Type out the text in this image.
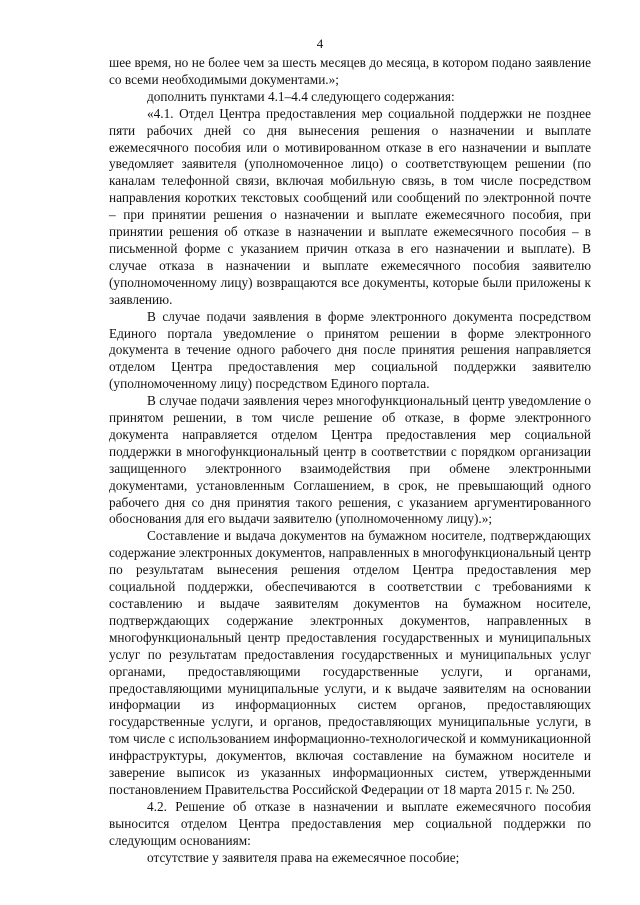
4

шее время, но не более чем за шесть месяцев до месяца, в котором подано заявление со всеми необходимыми документами.»;

дополнить пунктами 4.1–4.4 следующего содержания:

«4.1. Отдел Центра предоставления мер социальной поддержки не позднее пяти рабочих дней со дня вынесения решения о назначении и выплате ежемесячного пособия или о мотивированном отказе в его назначении и выплате уведомляет заявителя (уполномоченное лицо) о соответствующем решении (по каналам телефонной связи, включая мобильную связь, в том числе посредством направления коротких текстовых сообщений или сообщений по электронной почте – при принятии решения о назначении и выплате ежемесячного пособия, при принятии решения об отказе в назначении и выплате ежемесячного пособия – в письменной форме с указанием причин отказа в его назначении и выплате). В случае отказа в назначении и выплате ежемесячного пособия заявителю (уполномоченному лицу) возвращаются все документы, которые были приложены к заявлению.

В случае подачи заявления в форме электронного документа посредством Единого портала уведомление о принятом решении в форме электронного документа в течение одного рабочего дня после принятия решения направляется отделом Центра предоставления мер социальной поддержки заявителю (уполномоченному лицу) посредством Единого портала.

В случае подачи заявления через многофункциональный центр уведомление о принятом решении, в том числе решение об отказе, в форме электронного документа направляется отделом Центра предоставления мер социальной поддержки в многофункциональный центр в соответствии с порядком организации защищенного электронного взаимодействия при обмене электронными документами, установленным Соглашением, в срок, не превышающий одного рабочего дня со дня принятия такого решения, с указанием аргументированного обоснования для его выдачи заявителю (уполномоченному лицу).»;

Составление и выдача документов на бумажном носителе, подтверждающих содержание электронных документов, направленных в многофункциональный центр по результатам вынесения решения отделом Центра предоставления мер социальной поддержки, обеспечиваются в соответствии с требованиями к составлению и выдаче заявителям документов на бумажном носителе, подтверждающих содержание электронных документов, направленных в многофункциональный центр предоставления государственных и муниципальных услуг по результатам предоставления государственных и муниципальных услуг органами, предоставляющими государственные услуги, и органами, предоставляющими муниципальные услуги, и к выдаче заявителям на основании информации из информационных систем органов, предоставляющих государственные услуги, и органов, предоставляющих муниципальные услуги, в том числе с использованием информационно-технологической и коммуникационной инфраструктуры, документов, включая составление на бумажном носителе и заверение выписок из указанных информационных систем, утвержденными постановлением Правительства Российской Федерации от 18 марта 2015 г. № 250.

4.2. Решение об отказе в назначении и выплате ежемесячного пособия выносится отделом Центра предоставления мер социальной поддержки по следующим основаниям:

отсутствие у заявителя права на ежемесячное пособие;
